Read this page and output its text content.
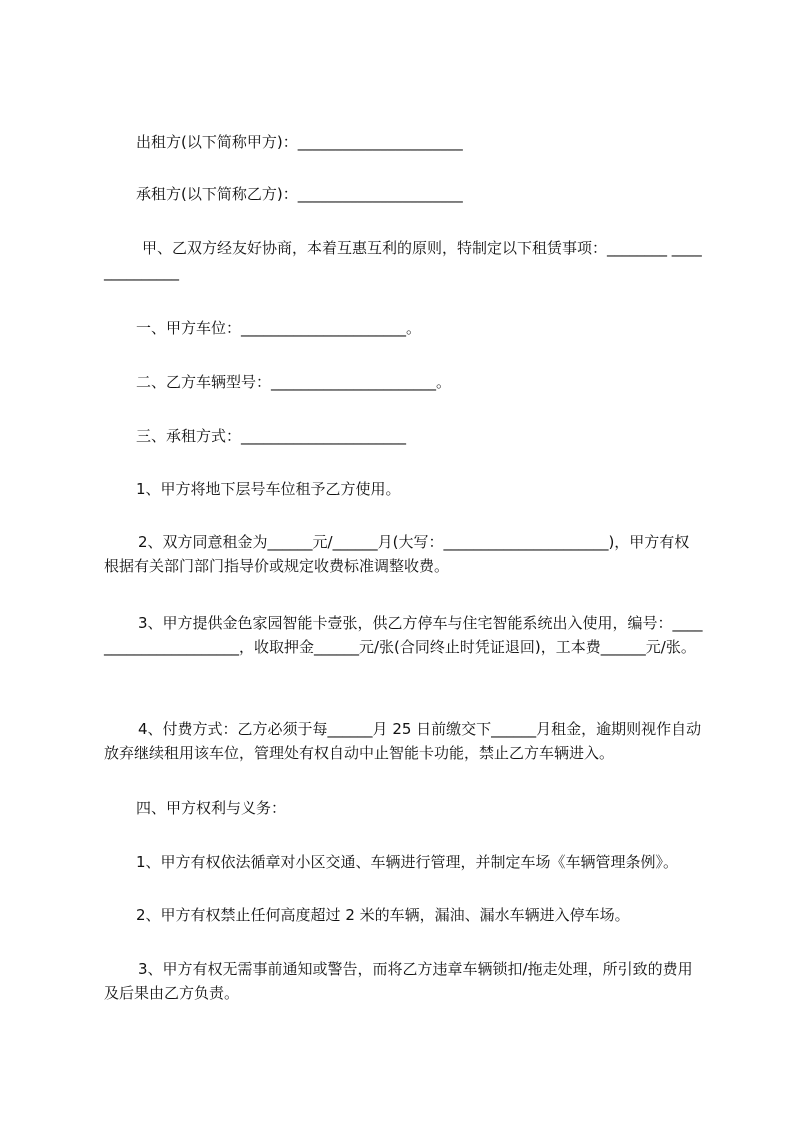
出租方(以下简称甲方)：______________________

承租方(以下简称乙方)：______________________

甲、乙双方经友好协商，本着互惠互利的原则，特制定以下租赁事项：________ ______________

一、甲方车位：______________________。

二、乙方车辆型号：______________________。

三、承租方式：______________________

1、甲方将地下层号车位租予乙方使用。

2、双方同意租金为______元/______月(大写：______________________)，甲方有权根据有关部门部门指导价或规定收费标准调整收费。

3、甲方提供金色家园智能卡壹张，供乙方停车与住宅智能系统出入使用，编号：______________________，收取押金______元/张(合同终止时凭证退回)，工本费______元/张。

4、付费方式：乙方必须于每______月 25 日前缴交下______月租金，逾期则视作自动放弃继续租用该车位，管理处有权自动中止智能卡功能，禁止乙方车辆进入。

四、甲方权利与义务：

1、甲方有权依法循章对小区交通、车辆进行管理，并制定车场《车辆管理条例》。

2、甲方有权禁止任何高度超过 2 米的车辆，漏油、漏水车辆进入停车场。

3、甲方有权无需事前通知或警告，而将乙方违章车辆锁扣/拖走处理，所引致的费用及后果由乙方负责。
